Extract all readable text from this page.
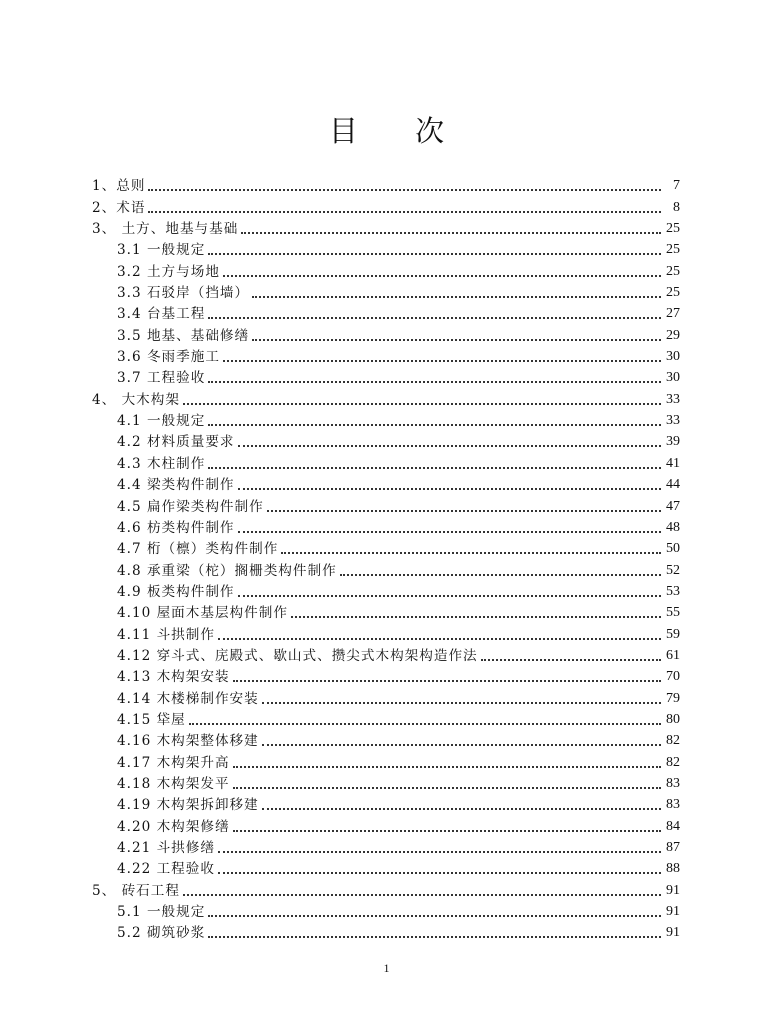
目 次
1、总则	7
2、术语	8
3、 土方、地基与基础	25
3.1 一般规定	25
3.2 土方与场地	25
3.3 石驳岸（挡墙）	25
3.4 台基工程	27
3.5 地基、基础修缮	29
3.6 冬雨季施工	30
3.7 工程验收	30
4、 大木构架	33
4.1 一般规定	33
4.2 材料质量要求	39
4.3 木柱制作	41
4.4 梁类构件制作	44
4.5 扁作梁类构件制作	47
4.6 枋类构件制作	48
4.7 桁（檩）类构件制作	50
4.8 承重梁（柁）搁栅类构件制作	52
4.9 板类构件制作	53
4.10 屋面木基层构件制作	55
4.11 斗拱制作	59
4.12 穿斗式、庑殿式、歇山式、攒尖式木构架构造作法	61
4.13 木构架安装	70
4.14 木楼梯制作安装	79
4.15 牮屋	80
4.16 木构架整体移建	82
4.17 木构架升高	82
4.18 木构架发平	83
4.19 木构架拆卸移建	83
4.20 木构架修缮	84
4.21 斗拱修缮	87
4.22 工程验收	88
5、 砖石工程	91
5.1 一般规定	91
5.2 砌筑砂浆	91
1
